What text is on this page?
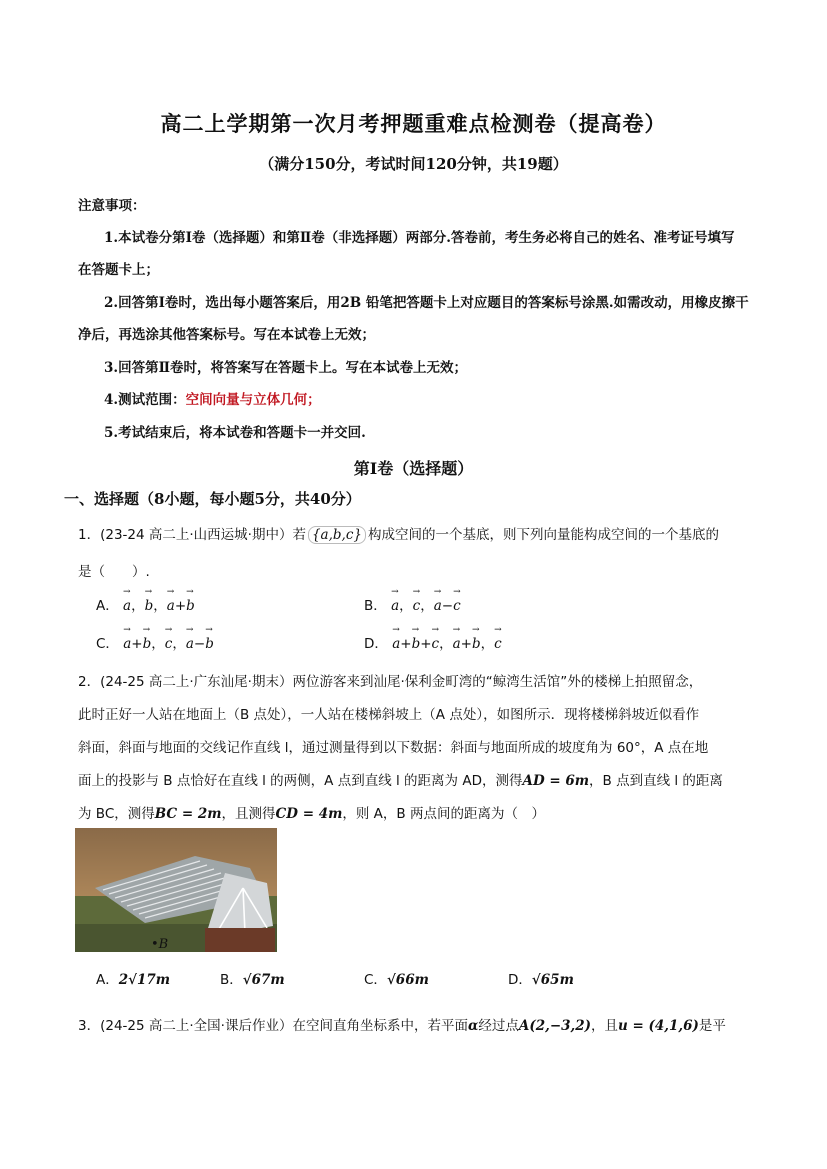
高二上学期第一次月考押题重难点检测卷（提高卷）
（满分150分，考试时间120分钟，共19题）
注意事项：
1.本试卷分第Ⅰ卷（选择题）和第Ⅱ卷（非选择题）两部分.答卷前，考生务必将自己的姓名、准考证号填写
在答题卡上；
2.回答第Ⅰ卷时，选出每小题答案后，用2B 铅笔把答题卡上对应题目的答案标号涂黑.如需改动，用橡皮擦干
净后，再选涂其他答案标号。写在本试卷上无效；
3.回答第Ⅱ卷时，将答案写在答题卡上。写在本试卷上无效；
4.测试范围：空间向量与立体几何；
5.考试结束后，将本试卷和答题卡一并交回.
第Ⅰ卷（选择题）
一、选择题（8小题，每小题5分，共40分）
1．(23-24 高二上·山西运城·期中）若 {a,b,c} 构成空间的一个基底，则下列向量能构成空间的一个基底的
是（　　）.
A． → a，→ b，→ a+→ b	B． → a，→ c，→ a−→ c
C． → a+→ b，→ c，→ a−→ b	D． → a+→ b+→ c，→ a+→ b，→ c
2．(24-25 高二上·广东汕尾·期末）两位游客来到汕尾·保利金町湾的“鲸湾生活馆”外的楼梯上拍照留念，
此时正好一人站在地面上（B 点处），一人站在楼梯斜坡上（A 点处），如图所示．现将楼梯斜坡近似看作
斜面，斜面与地面的交线记作直线 l，通过测量得到以下数据：斜面与地面所成的坡度角为 60°，A 点在地
面上的投影与 B 点恰好在直线 l 的两侧，A 点到直线 l 的距离为 AD，测得AD = 6m，B 点到直线 l 的距离
为 BC，测得BC = 2m，且测得CD = 4m，则 A，B 两点间的距离为（　）
•B
A．2√17m	B．√67m	C．√66m	D．√65m
3．(24-25 高二上·全国·课后作业）在空间直角坐标系中，若平面α经过点A(2,−3,2)，且u = (4,1,6)是平
